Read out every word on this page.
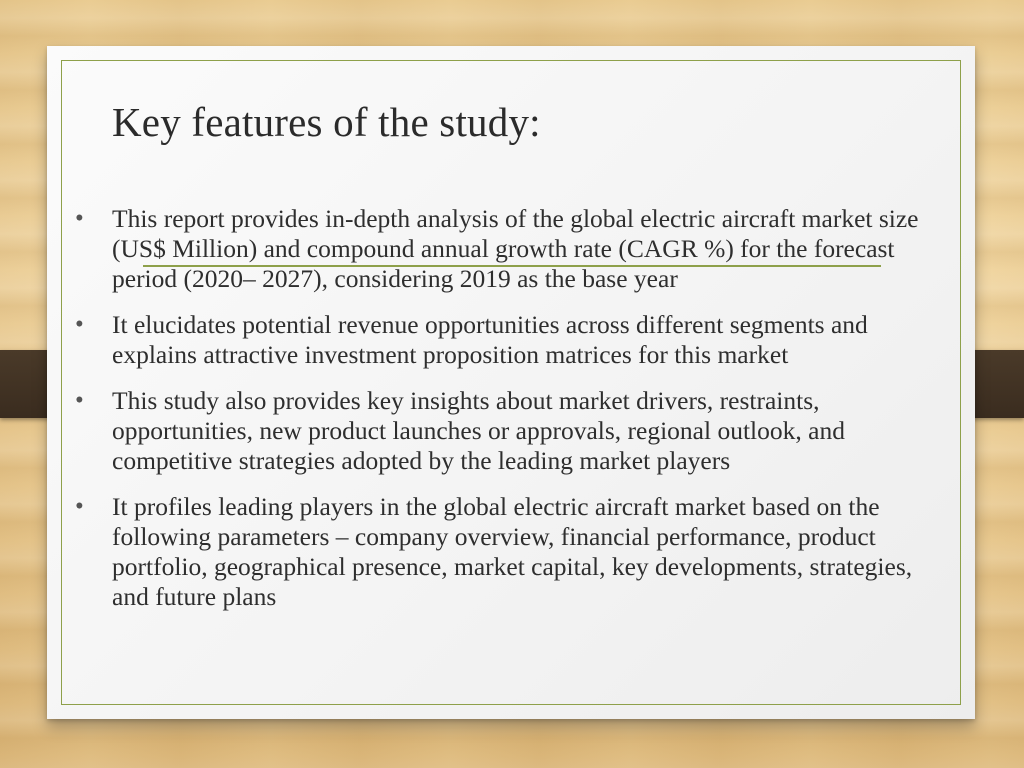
Key features of the study:
• This report provides in-depth analysis of the global electric aircraft market size (US$ Million) and compound annual growth rate (CAGR %) for the forecast period (2020– 2027), considering 2019 as the base year
• It elucidates potential revenue opportunities across different segments and explains attractive investment proposition matrices for this market
• This study also provides key insights about market drivers, restraints, opportunities, new product launches or approvals, regional outlook, and competitive strategies adopted by the leading market players
• It profiles leading players in the global electric aircraft market based on the following parameters – company overview, financial performance, product portfolio, geographical presence, market capital, key developments, strategies, and future plans
